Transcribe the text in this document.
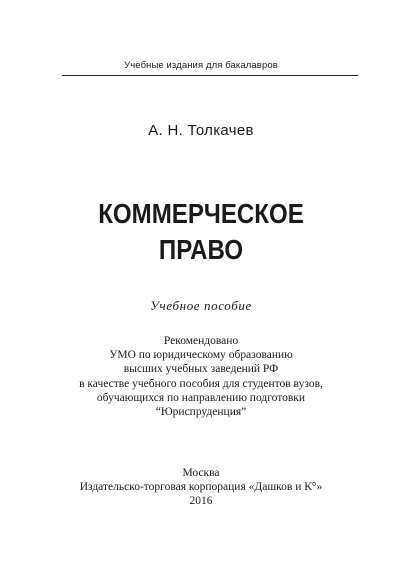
Учебные издания для бакалавров
А. Н. Толкачев
КОММЕРЧЕСКОЕ
ПРАВО
Учебное пособие
Рекомендовано
УМО по юридическому образованию
высших учебных заведений РФ
в качестве учебного пособия для студентов вузов,
обучающихся по направлению подготовки
“Юриспруденция”
Москва
Издательско-торговая корпорация «Дашков и К°»
2016
